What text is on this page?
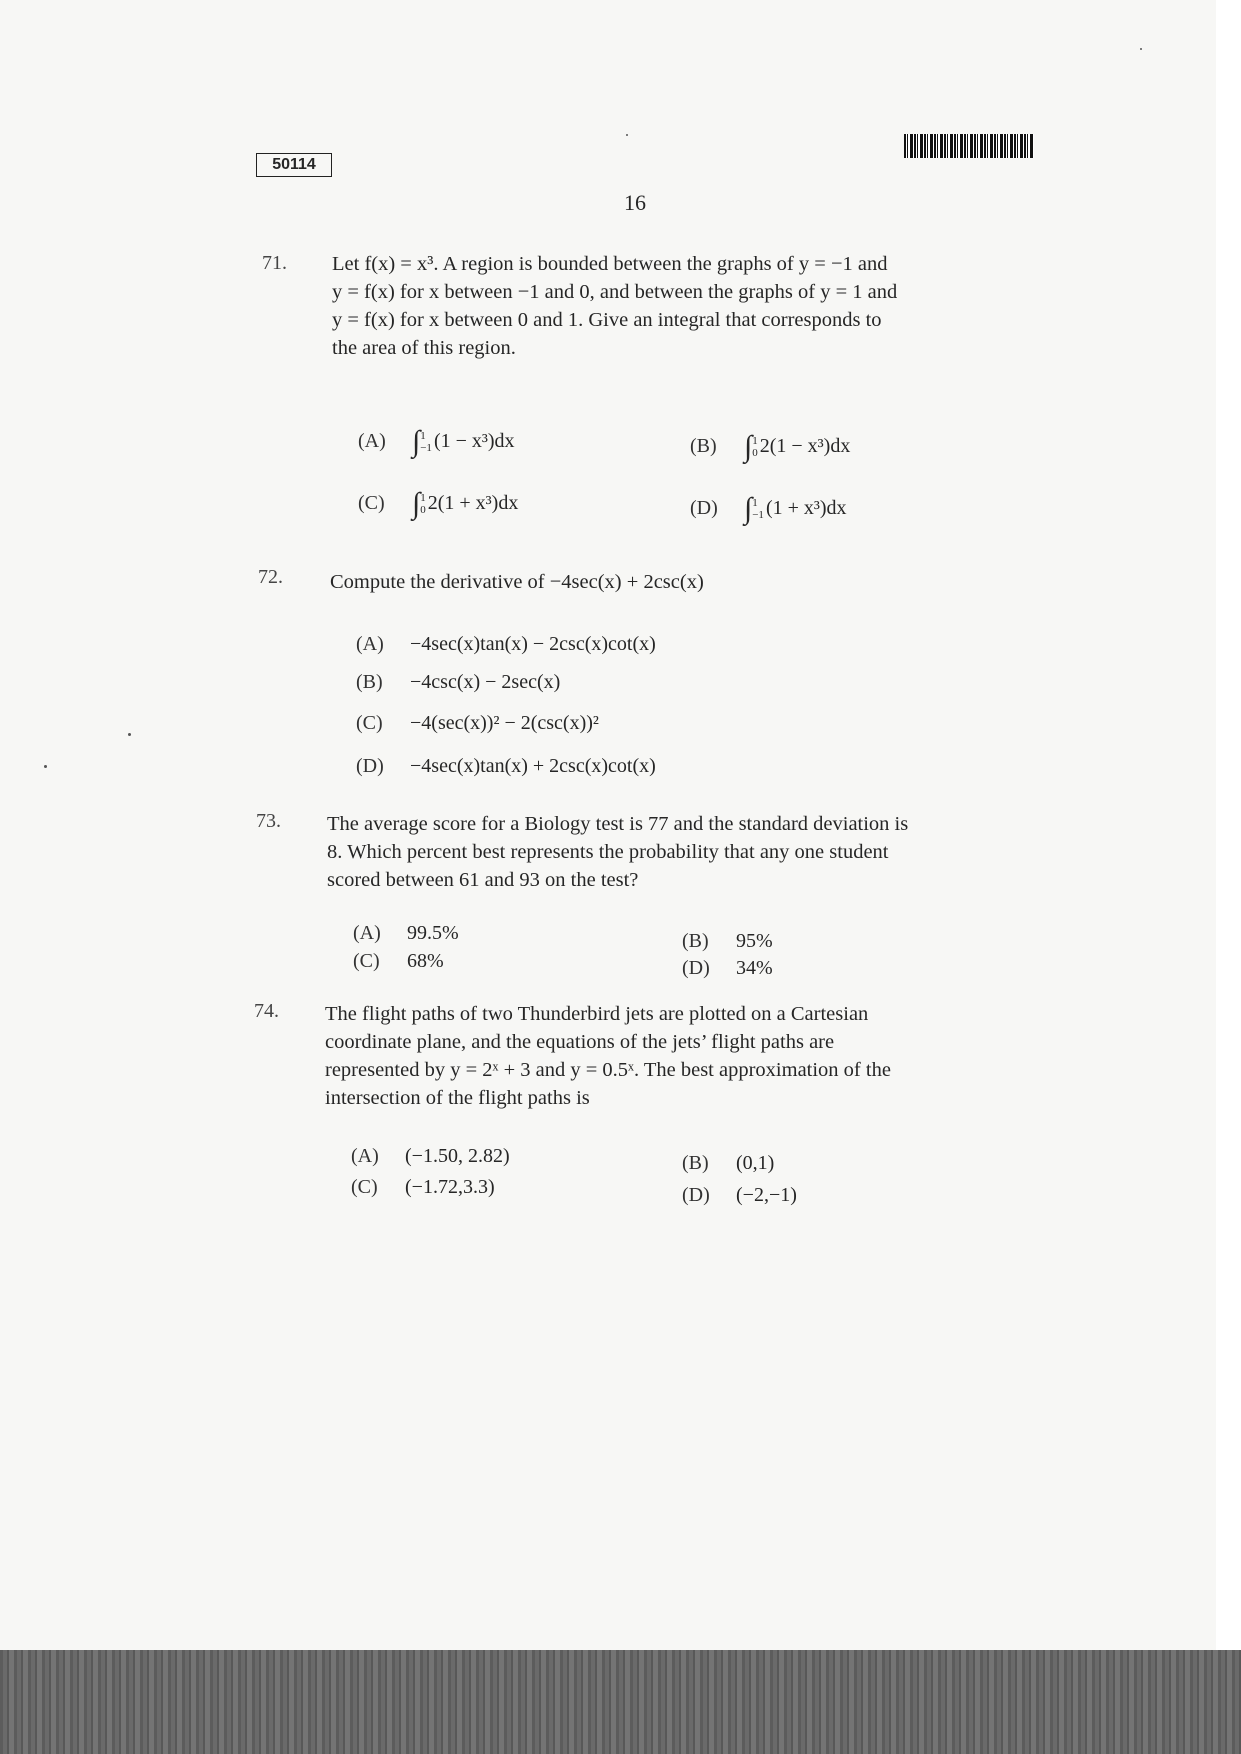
50114
16
71. Let f(x) = x³. A region is bounded between the graphs of y = −1 and
y = f(x) for x between −1 and 0, and between the graphs of y = 1 and
y = f(x) for x between 0 and 1. Give an integral that corresponds to
the area of this region.
(A) ∫1
−1 (1 − x³)dx	(B) ∫1
0 2(1 − x³)dx
(C) ∫1
0 2(1 + x³)dx	(D) ∫1
−1 (1 + x³)dx
72. Compute the derivative of −4sec(x) + 2csc(x)
(A) −4sec(x)tan(x) − 2csc(x)cot(x)
(B) −4csc(x) − 2sec(x)
(C) −4(sec(x))² − 2(csc(x))²
(D) −4sec(x)tan(x) + 2csc(x)cot(x)
73. The average score for a Biology test is 77 and the standard deviation is
8. Which percent best represents the probability that any one student
scored between 61 and 93 on the test?
(A) 99.5%	(B) 95%
(C) 68%	(D) 34%
74. The flight paths of two Thunderbird jets are plotted on a Cartesian
coordinate plane, and the equations of the jets’ flight paths are
represented by y = 2ˣ + 3 and y = 0.5ˣ. The best approximation of the
intersection of the flight paths is
(A) (−1.50, 2.82)	(B) (0,1)
(C) (−1.72,3.3)	(D) (−2,−1)
